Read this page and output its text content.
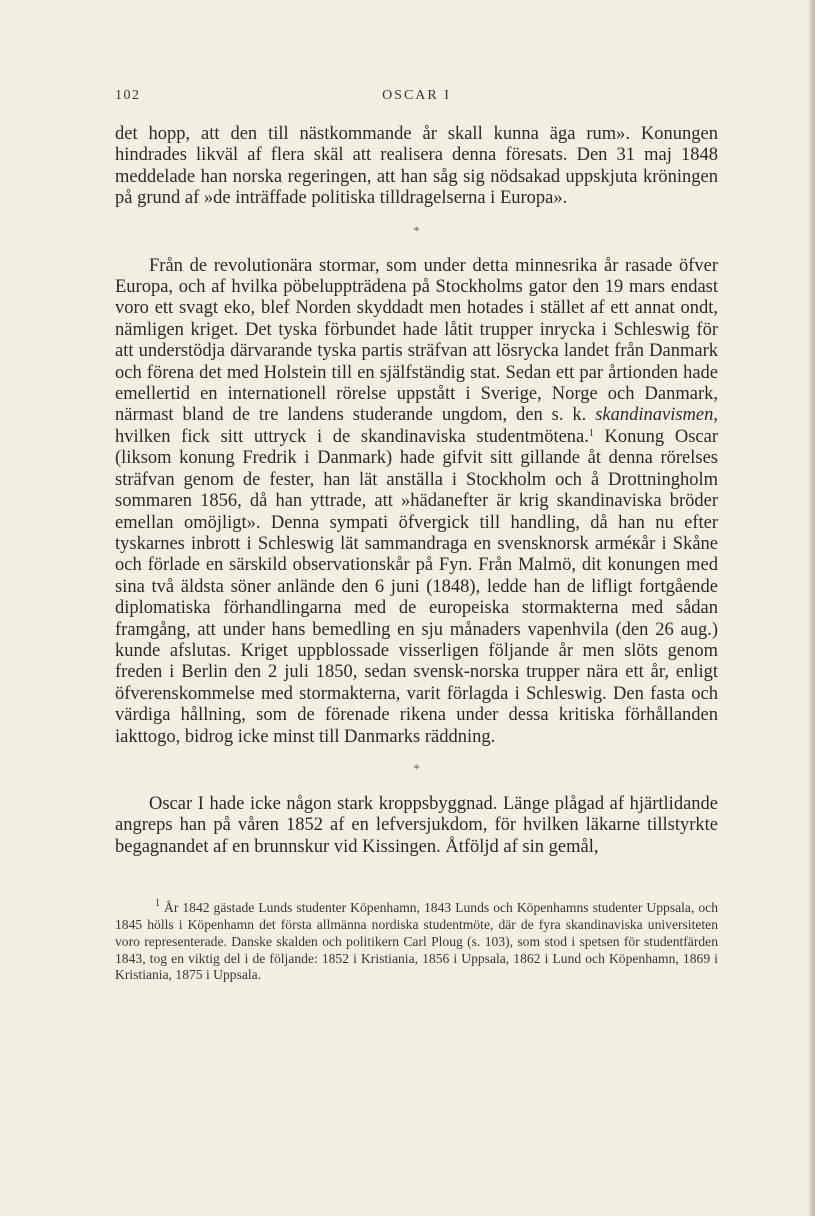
102	OSCAR I

det hopp, att den till nästkommande år skall kunna äga rum». Konungen hindrades likväl af flera skäl att realisera denna föresats. Den 31 maj 1848 meddelade han norska regeringen, att han såg sig nödsakad uppskjuta kröningen på grund af »de inträffade politiska tilldragelserna i Europa».

*

Från de revolutionära stormar, som under detta minnesrika år rasade öfver Europa, och af hvilka pöbeluppträdena på Stockholms gator den 19 mars endast voro ett svagt eko, blef Norden skyddadt men hotades i stället af ett annat ondt, nämligen kriget. Det tyska förbundet hade låtit trupper inrycka i Schleswig för att understödja därvarande tyska partis sträfvan att lösrycka landet från Danmark och förena det med Holstein till en själfständig stat. Sedan ett par årtionden hade emellertid en internationell rörelse uppstått i Sverige, Norge och Danmark, närmast bland de tre landens studerande ungdom, den s. k. skandinavismen, hvilken fick sitt uttryck i de skandinaviska studentmötena.$^1$ Konung Oscar (liksom konung Fredrik i Danmark) hade gifvit sitt gillande åt denna rörelses sträfvan genom de fester, han lät anställa i Stockholm och å Drottningholm sommaren 1856, då han yttrade, att »hädanefter är krig skandinaviska bröder emellan omöjligt». Denna sympati öfvergick till handling, då han nu efter tyskarnes inbrott i Schleswig lät sammandraga en svensknorsk arméкår i Skåne och förlade en särskild observationskår på Fyn. Från Malmö, dit konungen med sina två äldsta söner anlände den 6 juni (1848), ledde han de lifligt fortgående diplomatiska förhandlingarna med de europeiska stormakterna med sådan framgång, att under hans bemedling en sju månaders vapenhvila (den 26 aug.) kunde afslutas. Kriget uppblossade visserligen följande år men slöts genom freden i Berlin den 2 juli 1850, sedan svensk-norska trupper nära ett år, enligt öfverenskommelse med stormakterna, varit förlagda i Schleswig. Den fasta och värdiga hållning, som de förenade rikena under dessa kritiska förhållanden iakttogo, bidrog icke minst till Danmarks räddning.

*

Oscar I hade icke någon stark kroppsbyggnad. Länge plågad af hjärtlidande angreps han på våren 1852 af en lefversjukdom, för hvilken läkarne tillstyrkte begagnandet af en brunnskur vid Kissingen. Åtföljd af sin gemål,

$^1$ År 1842 gästade Lunds studenter Köpenhamn, 1843 Lunds och Köpenhamns studenter Uppsala, och 1845 hölls i Köpenhamn det första allmänna nordiska studentmöte, där de fyra skandinaviska universiteten voro representerade. Danske skalden och politikern Carl Ploug (s. 103), som stod i spetsen för studentfärden 1843, tog en viktig del i de följande: 1852 i Kristiania, 1856 i Uppsala, 1862 i Lund och Köpenhamn, 1869 i Kristiania, 1875 i Uppsala.
